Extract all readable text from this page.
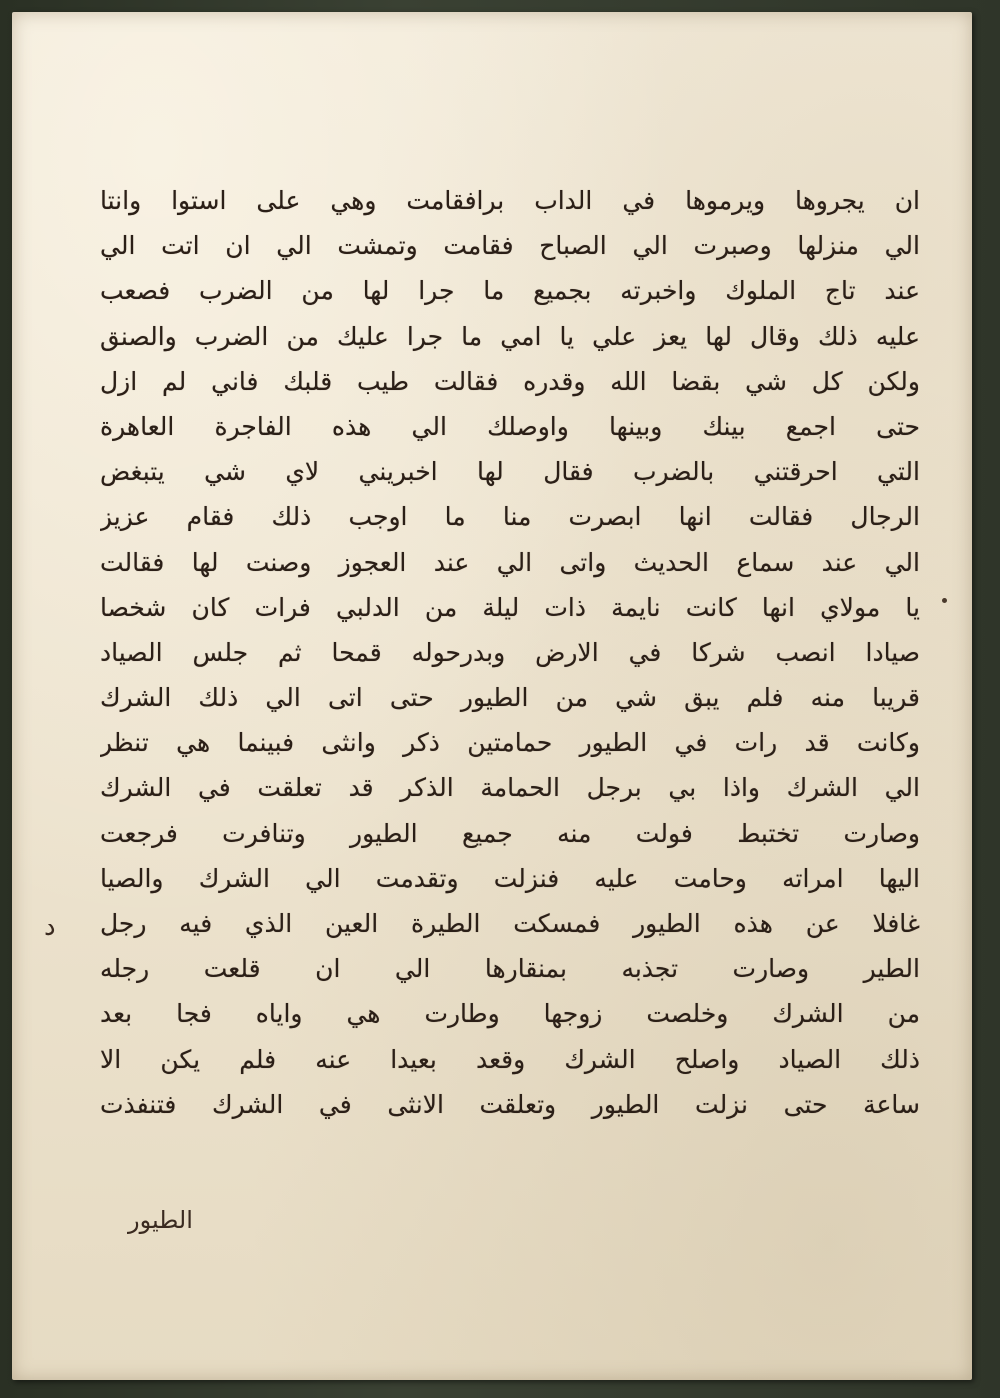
ان يجروها ويرموها في الداب برافقامت وهي على استوا وانتا
الي منزلها وصبرت الي الصباح فقامت وتمشت الي ان اتت الي
عند تاج الملوك واخبرته بجميع ما جرا لها من الضرب فصعب
عليه ذلك وقال لها يعز علي يا امي ما جرا عليك من الضرب والصنق
ولكن كل شي بقضا الله وقدره فقالت طيب قلبك فاني لم ازل
حتى اجمع بينك وبينها واوصلك الي هذه الفاجرة العاهرة
التي احرقتني بالضرب فقال لها اخبريني لاي شي يتبغض
الرجال فقالت انها ابصرت منا ما اوجب ذلك فقام عزيز
الي عند سماع الحديث واتى الي عند العجوز وصنت لها فقالت
يا مولاي انها كانت نايمة ذات ليلة من الدلبي فرات كان شخصا
صيادا انصب شركا في الارض وبدرحوله قمحا ثم جلس الصياد
قريبا منه فلم يبق شي من الطيور حتى اتى الي ذلك الشرك
وكانت قد رات في الطيور حمامتين ذكر وانثى فبينما هي تنظر
الي الشرك واذا بي برجل الحمامة الذكر قد تعلقت في الشرك
وصارت تختبط فولت منه جميع الطيور وتنافرت فرجعت
اليها امراته وحامت عليه فنزلت وتقدمت الي الشرك والصيا
غافلا عن هذه الطيور فمسكت الطيرة العين الذي فيه رجل
الطير وصارت تجذبه بمنقارها الي ان قلعت رجله
من الشرك وخلصت زوجها وطارت هي واياه فجا بعد
ذلك الصياد واصلح الشرك وقعد بعيدا عنه فلم يكن الا
ساعة حتى نزلت الطيور وتعلقت الانثى في الشرك فتنفذت
د
الطيور
